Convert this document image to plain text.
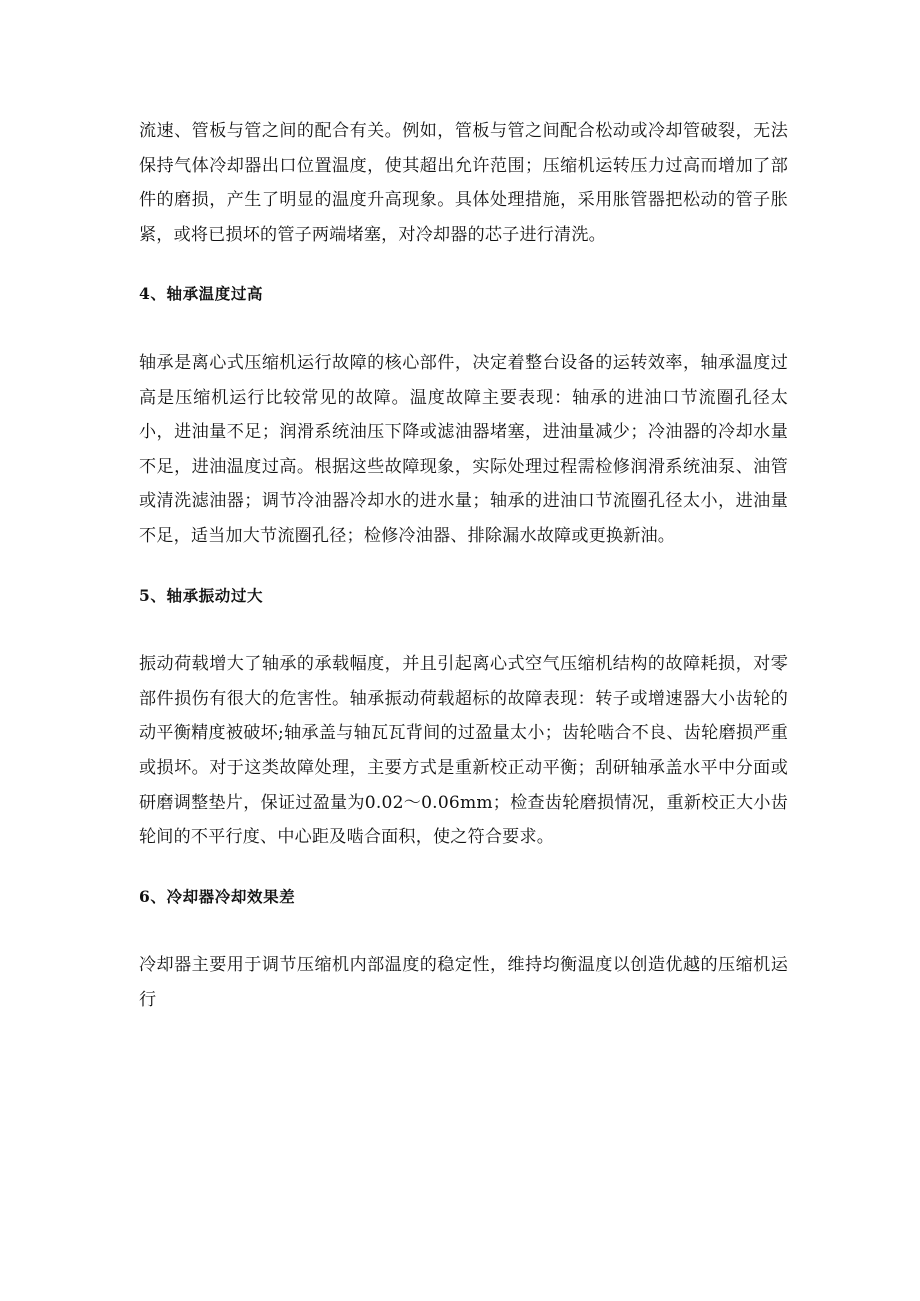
流速、管板与管之间的配合有关。例如，管板与管之间配合松动或冷却管破裂，无法保持气体冷却器出口位置温度，使其超出允许范围；压缩机运转压力过高而增加了部件的磨损，产生了明显的温度升高现象。具体处理措施，采用胀管器把松动的管子胀紧，或将已损坏的管子两端堵塞，对冷却器的芯子进行清洗。

4、轴承温度过高

轴承是离心式压缩机运行故障的核心部件，决定着整台设备的运转效率，轴承温度过高是压缩机运行比较常见的故障。温度故障主要表现：轴承的进油口节流圈孔径太小，进油量不足；润滑系统油压下降或滤油器堵塞，进油量减少；冷油器的冷却水量不足，进油温度过高。根据这些故障现象，实际处理过程需检修润滑系统油泵、油管或清洗滤油器；调节冷油器冷却水的进水量；轴承的进油口节流圈孔径太小，进油量不足，适当加大节流圈孔径；检修冷油器、排除漏水故障或更换新油。

5、轴承振动过大

振动荷载增大了轴承的承载幅度，并且引起离心式空气压缩机结构的故障耗损，对零部件损伤有很大的危害性。轴承振动荷载超标的故障表现：转子或增速器大小齿轮的动平衡精度被破坏;轴承盖与轴瓦瓦背间的过盈量太小；齿轮啮合不良、齿轮磨损严重或损坏。对于这类故障处理，主要方式是重新校正动平衡；刮研轴承盖水平中分面或研磨调整垫片，保证过盈量为0.02～0.06mm；检查齿轮磨损情况，重新校正大小齿轮间的不平行度、中心距及啮合面积，使之符合要求。

6、冷却器冷却效果差

冷却器主要用于调节压缩机内部温度的稳定性，维持均衡温度以创造优越的压缩机运行
